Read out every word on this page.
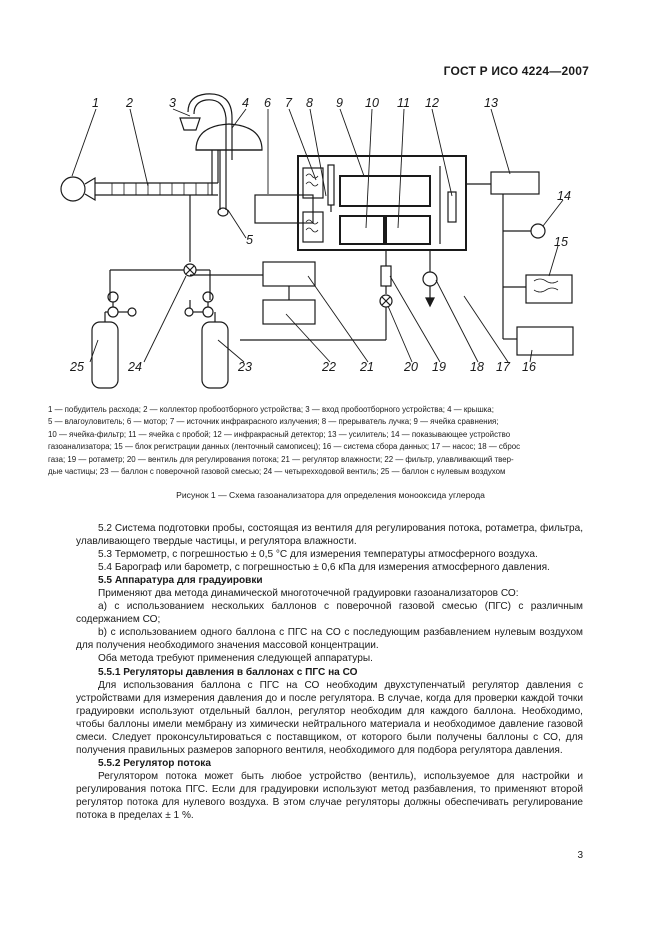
ГОСТ Р ИСО 4224—2007
1 2	3	4 6 7 8 9 10 11 12	13
5
14
15
25	24	23	22 21 20 19 18 17 16
1 — побудитель расхода; 2 — коллектор пробоотборного устройства; 3 — вход пробоотборного устройства; 4 — крышка;
5 — влагоуловитель; 6 — мотор; 7 — источник инфракрасного излучения; 8 — прерыватель лучка; 9 — ячейка сравнения;
10 — ячейка-фильтр; 11 — ячейка с пробой; 12 — инфракрасный детектор; 13 — усилитель; 14 — показывающее устройство
газоанализатора; 15 — блок регистрации данных (ленточный самописец); 16 — система сбора данных; 17 — насос; 18 — сброс
газа; 19 — ротаметр; 20 — вентиль для регулирования потока; 21 — регулятор влажности; 22 — фильтр, улавливающий твер-
дые частицы; 23 — баллон с поверочной газовой смесью; 24 — четырехходовой вентиль; 25 — баллон с нулевым воздухом
Рисунок 1 — Схема газоанализатора для определения монооксида углерода

5.2 Система подготовки пробы, состоящая из вентиля для регулирования потока, ротаметра, фильтра, улавливающего твердые частицы, и регулятора влажности.

5.3 Термометр, с погрешностью ± 0,5 °С для измерения температуры атмосферного воздуха.

5.4 Барограф или барометр, с погрешностью ± 0,6 кПа для измерения атмосферного давления.

5.5 Аппаратура для градуировки

Применяют два метода динамической многоточечной градуировки газоанализаторов СО:

a) с использованием нескольких баллонов с поверочной газовой смесью (ПГС) с различным содержанием СО;

b) с использованием одного баллона с ПГС на СО с последующим разбавлением нулевым воздухом для получения необходимого значения массовой концентрации.

Оба метода требуют применения следующей аппаратуры.

5.5.1 Регуляторы давления в баллонах с ПГС на СО

Для использования баллона с ПГС на СО необходим двухступенчатый регулятор давления с устройствами для измерения давления до и после регулятора. В случае, когда для проверки каждой точки градуировки используют отдельный баллон, регулятор необходим для каждого баллона. Необходимо, чтобы баллоны имели мембрану из химически нейтрального материала и необходимое давление газовой смеси. Следует проконсультироваться с поставщиком, от которого были получены баллоны с СО, для получения правильных размеров запорного вентиля, необходимого для подбора регулятора давления.

5.5.2 Регулятор потока

Регулятором потока может быть любое устройство (вентиль), используемое для настройки и регулирования потока ПГС. Если для градуировки используют метод разбавления, то применяют второй регулятор потока для нулевого воздуха. В этом случае регуляторы должны обеспечивать регулирование потока в пределах ± 1 %.

3
